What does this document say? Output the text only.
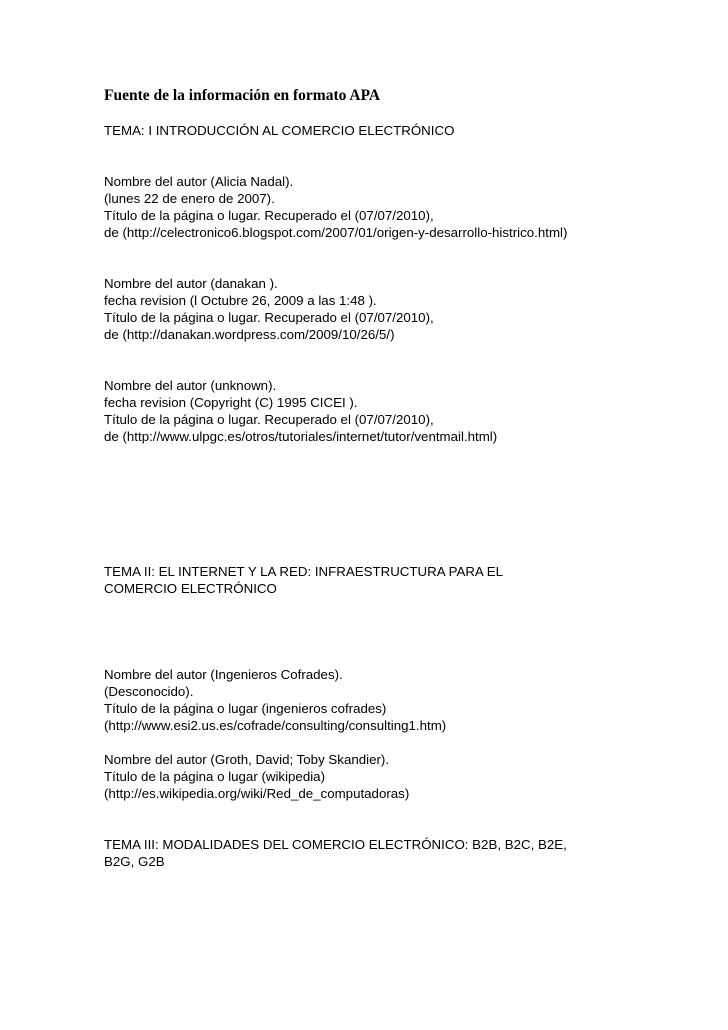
Fuente de la información en formato APA
TEMA: I INTRODUCCIÓN AL COMERCIO ELECTRÓNICO
Nombre del autor (Alicia Nadal).
(lunes 22 de enero de 2007).
Título de la página o lugar. Recuperado el (07/07/2010),
de (http://celectronico6.blogspot.com/2007/01/origen-y-desarrollo-histrico.html)
Nombre del autor (danakan ).
fecha revision (l Octubre 26, 2009 a las 1:48 ).
Título de la página o lugar. Recuperado el (07/07/2010),
de (http://danakan.wordpress.com/2009/10/26/5/)
Nombre del autor (unknown).
fecha revision (Copyright (C) 1995 CICEI ).
Título de la página o lugar. Recuperado el (07/07/2010),
de (http://www.ulpgc.es/otros/tutoriales/internet/tutor/ventmail.html)
TEMA II: EL INTERNET Y LA RED: INFRAESTRUCTURA PARA EL
COMERCIO ELECTRÓNICO
Nombre del autor (Ingenieros Cofrades).
(Desconocido).
Título de la página o lugar (ingenieros cofrades)
(http://www.esi2.us.es/cofrade/consulting/consulting1.htm)
Nombre del autor (Groth, David; Toby Skandier).
Título de la página o lugar (wikipedia)
(http://es.wikipedia.org/wiki/Red_de_computadoras)
TEMA III: MODALIDADES DEL COMERCIO ELECTRÓNICO: B2B, B2C, B2E,
B2G, G2B
